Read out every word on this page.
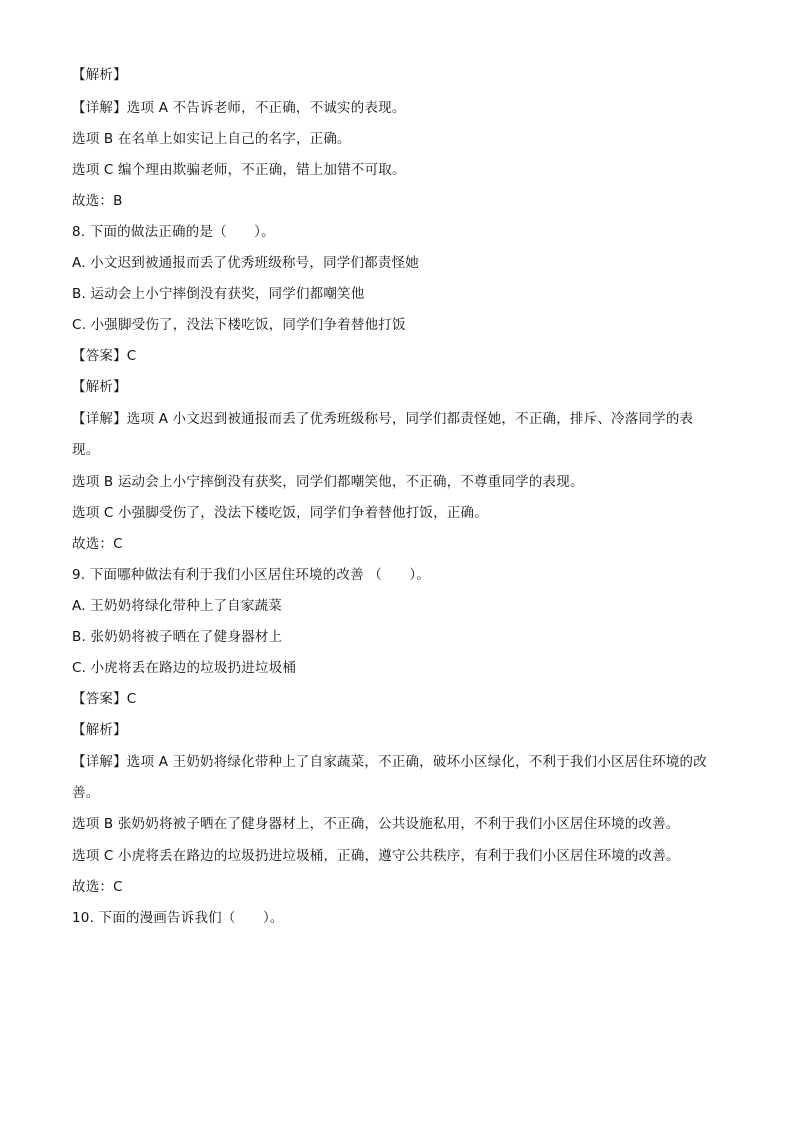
【解析】
【详解】选项 A 不告诉老师，不正确，不诚实的表现。
选项 B 在名单上如实记上自己的名字，正确。
选项 C 编个理由欺骗老师，不正确，错上加错不可取。
故选：B
8. 下面的做法正确的是（　　）。
A. 小文迟到被通报而丢了优秀班级称号，同学们都责怪她
B. 运动会上小宁摔倒没有获奖，同学们都嘲笑他
C. 小强脚受伤了，没法下楼吃饭，同学们争着替他打饭
【答案】C
【解析】
【详解】选项 A 小文迟到被通报而丢了优秀班级称号，同学们都责怪她，不正确，排斥、冷落同学的表
现。
选项 B 运动会上小宁摔倒没有获奖，同学们都嘲笑他，不正确，不尊重同学的表现。
选项 C 小强脚受伤了，没法下楼吃饭，同学们争着替他打饭，正确。
故选：C
9. 下面哪种做法有利于我们小区居住环境的改善 （　　）。
A. 王奶奶将绿化带种上了自家蔬菜
B. 张奶奶将被子晒在了健身器材上
C. 小虎将丢在路边的垃圾扔进垃圾桶
【答案】C
【解析】
【详解】选项 A 王奶奶将绿化带种上了自家蔬菜，不正确，破坏小区绿化，不利于我们小区居住环境的改
善。
选项 B 张奶奶将被子晒在了健身器材上，不正确，公共设施私用，不利于我们小区居住环境的改善。
选项 C 小虎将丢在路边的垃圾扔进垃圾桶，正确，遵守公共秩序，有利于我们小区居住环境的改善。
故选：C
10. 下面的漫画告诉我们（　　）。
